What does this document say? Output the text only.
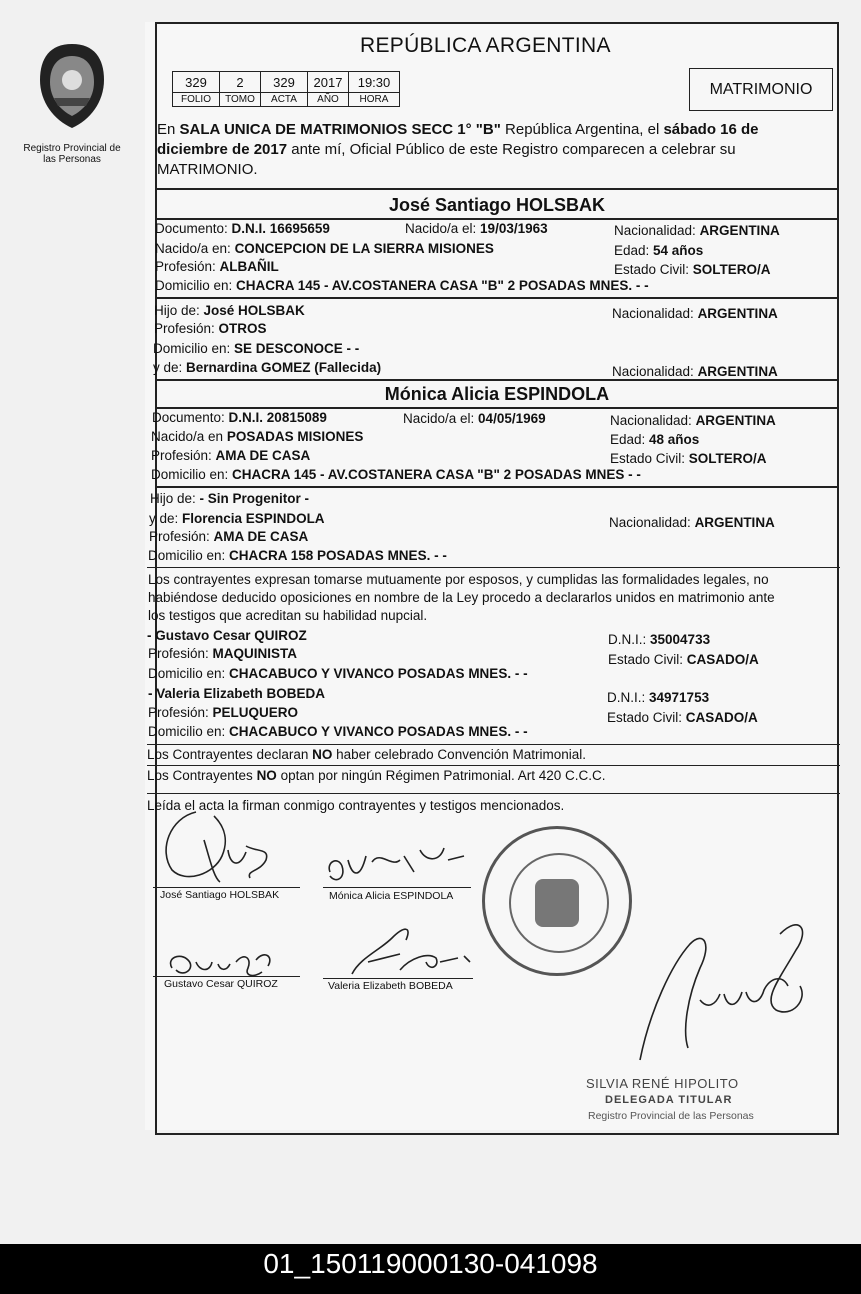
Registro Provincial de las Personas
REPÚBLICA ARGENTINA
329	2	329	2017	19:30
FOLIO	TOMO	ACTA	AÑO	HORA
MATRIMONIO
En SALA UNICA DE MATRIMONIOS SECC 1° "B" República Argentina, el sábado 16 de
diciembre de 2017 ante mí, Oficial Público de este Registro comparecen a celebrar su
MATRIMONIO.
José Santiago HOLSBAK
Documento: D.N.I. 16695659	Nacido/a el: 19/03/1963	Nacionalidad: ARGENTINA
Nacido/a en: CONCEPCION DE LA SIERRA MISIONES	Edad: 54 años
Profesión: ALBAÑIL	Estado Civil: SOLTERO/A
Domicilio en: CHACRA 145 - AV.COSTANERA CASA "B" 2 POSADAS MNES. - -
Hijo de: José HOLSBAK	Nacionalidad: ARGENTINA
Profesión: OTROS
Domicilio en: SE DESCONOCE - -
y de: Bernardina GOMEZ (Fallecida)	Nacionalidad: ARGENTINA
Mónica Alicia ESPINDOLA
Documento: D.N.I. 20815089	Nacido/a el: 04/05/1969	Nacionalidad: ARGENTINA
Nacido/a en POSADAS MISIONES	Edad: 48 años
Profesión: AMA DE CASA	Estado Civil: SOLTERO/A
Domicilio en: CHACRA 145 - AV.COSTANERA CASA "B" 2 POSADAS MNES - -
Hijo de: - Sin Progenitor -
y de: Florencia ESPINDOLA	Nacionalidad: ARGENTINA
Profesión: AMA DE CASA
Domicilio en: CHACRA 158 POSADAS MNES. - -
Los contrayentes expresan tomarse mutuamente por esposos, y cumplidas las formalidades legales, no
habiéndose deducido oposiciones en nombre de la Ley procedo a declararlos unidos en matrimonio ante
los testigos que acreditan su habilidad nupcial.
- Gustavo Cesar QUIROZ	D.N.I.: 35004733
Profesión: MAQUINISTA	Estado Civil: CASADO/A
Domicilio en: CHACABUCO Y VIVANCO POSADAS MNES. - -
- Valeria Elizabeth BOBEDA	D.N.I.: 34971753
Profesión: PELUQUERO	Estado Civil: CASADO/A
Domicilio en: CHACABUCO Y VIVANCO POSADAS MNES. - -
Los Contrayentes declaran NO haber celebrado Convención Matrimonial.
Los Contrayentes NO optan por ningún Régimen Patrimonial. Art 420 C.C.C.
Leída el acta la firman conmigo contrayentes y testigos mencionados.
José Santiago HOLSBAK	Mónica Alicia ESPINDOLA
Gustavo Cesar QUIROZ	Valeria Elizabeth BOBEDA
SILVIA RENÉ HIPOLITO
DELEGADA TITULAR
Registro Provincial de las Personas
01_150119000130-041098
